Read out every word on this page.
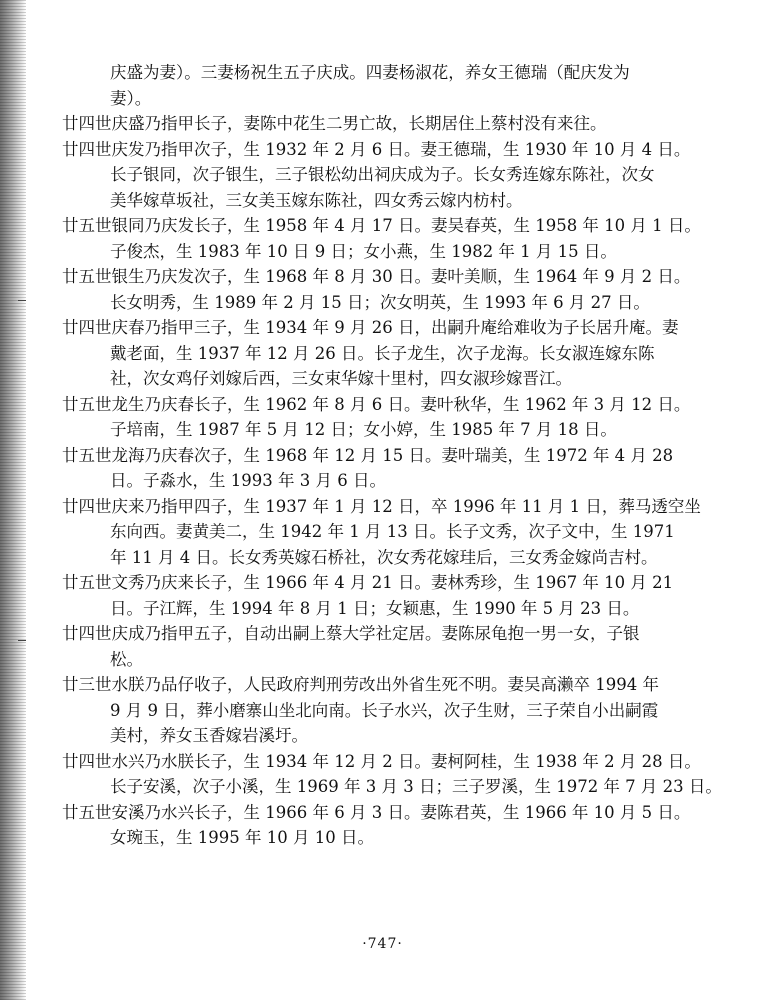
庆盛为妻）。三妻杨祝生五子庆成。四妻杨淑花，养女王德瑞（配庆发为
妻）。
廿四世庆盛乃指甲长子，妻陈中花生二男亡故，长期居住上蔡村没有来往。
廿四世庆发乃指甲次子，生 1932 年 2 月 6 日。妻王德瑞，生 1930 年 10 月 4 日。
长子银同，次子银生，三子银松幼出祠庆成为子。长女秀连嫁东陈社，次女
美华嫁草坂社，三女美玉嫁东陈社，四女秀云嫁内枋村。
廿五世银同乃庆发长子，生 1958 年 4 月 17 日。妻吴春英，生 1958 年 10 月 1 日。
子俊杰，生 1983 年 10 日 9 日；女小燕，生 1982 年 1 月 15 日。
廿五世银生乃庆发次子，生 1968 年 8 月 30 日。妻叶美顺，生 1964 年 9 月 2 日。
长女明秀，生 1989 年 2 月 15 日；次女明英，生 1993 年 6 月 27 日。
廿四世庆春乃指甲三子，生 1934 年 9 月 26 日，出嗣升庵给难收为子长居升庵。妻
戴老面，生 1937 年 12 月 26 日。长子龙生，次子龙海。长女淑连嫁东陈
社，次女鸡仔刘嫁后西，三女束华嫁十里村，四女淑珍嫁晋江。
廿五世龙生乃庆春长子，生 1962 年 8 月 6 日。妻叶秋华，生 1962 年 3 月 12 日。
子培南，生 1987 年 5 月 12 日；女小婷，生 1985 年 7 月 18 日。
廿五世龙海乃庆春次子，生 1968 年 12 月 15 日。妻叶瑞美，生 1972 年 4 月 28
日。子淼水，生 1993 年 3 月 6 日。
廿四世庆来乃指甲四子，生 1937 年 1 月 12 日，卒 1996 年 11 月 1 日，葬马透空坐
东向西。妻黄美二，生 1942 年 1 月 13 日。长子文秀，次子文中，生 1971
年 11 月 4 日。长女秀英嫁石桥社，次女秀花嫁珪后，三女秀金嫁尚吉村。
廿五世文秀乃庆来长子，生 1966 年 4 月 21 日。妻林秀珍，生 1967 年 10 月 21
日。子江辉，生 1994 年 8 月 1 日；女颖惠，生 1990 年 5 月 23 日。
廿四世庆成乃指甲五子，自动出嗣上蔡大学社定居。妻陈尿龟抱一男一女，子银
松。
廿三世水朕乃品仔收子，人民政府判刑劳改出外省生死不明。妻吴高濑卒 1994 年
9 月 9 日，葬小磨寨山坐北向南。长子水兴，次子生财，三子荣自小出嗣霞
美村，养女玉香嫁岩溪圩。
廿四世水兴乃水朕长子，生 1934 年 12 月 2 日。妻柯阿桂，生 1938 年 2 月 28 日。
长子安溪，次子小溪，生 1969 年 3 月 3 日；三子罗溪，生 1972 年 7 月 23 日。
廿五世安溪乃水兴长子，生 1966 年 6 月 3 日。妻陈君英，生 1966 年 10 月 5 日。
女琬玉，生 1995 年 10 月 10 日。
·747·
